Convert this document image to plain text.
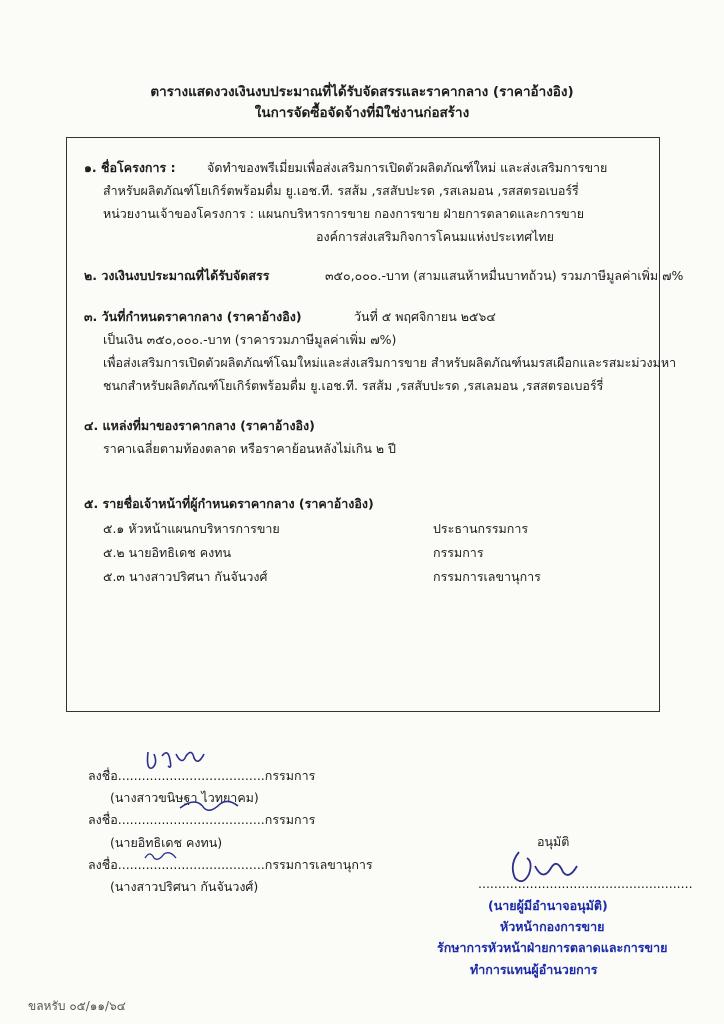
ตารางแสดงวงเงินงบประมาณที่ได้รับจัดสรรและราคากลาง (ราคาอ้างอิง)
ในการจัดซื้อจัดจ้างที่มิใช่งานก่อสร้าง
๑. ชื่อโครงการ :	จัดทำของพรีเมี่ยมเพื่อส่งเสริมการเปิดตัวผลิตภัณฑ์ใหม่ และส่งเสริมการขาย
สำหรับผลิตภัณฑ์โยเกิร์ตพร้อมดื่ม ยู.เอช.ที. รสส้ม ,รสสับปะรด ,รสเลมอน ,รสสตรอเบอร์รี่
หน่วยงานเจ้าของโครงการ : แผนกบริหารการขาย กองการขาย ฝ่ายการตลาดและการขาย
องค์การส่งเสริมกิจการโคนมแห่งประเทศไทย
๒. วงเงินงบประมาณที่ได้รับจัดสรร	๓๕๐,๐๐๐.-บาท (สามแสนห้าหมื่นบาทถ้วน) รวมภาษีมูลค่าเพิ่ม ๗%
๓. วันที่กำหนดราคากลาง (ราคาอ้างอิง)	วันที่ ๕ พฤศจิกายน ๒๕๖๔
เป็นเงิน ๓๕๐,๐๐๐.-บาท (ราคารวมภาษีมูลค่าเพิ่ม ๗%)
เพื่อส่งเสริมการเปิดตัวผลิตภัณฑ์โฉมใหม่และส่งเสริมการขาย สำหรับผลิตภัณฑ์นมรสเผือกและรสมะม่วงมหา
ชนกสำหรับผลิตภัณฑ์โยเกิร์ตพร้อมดื่ม ยู.เอช.ที. รสส้ม ,รสสับปะรด ,รสเลมอน ,รสสตรอเบอร์รี่
๔. แหล่งที่มาของราคากลาง (ราคาอ้างอิง)
ราคาเฉลี่ยตามท้องตลาด หรือราคาย้อนหลังไม่เกิน ๒ ปี
๕. รายชื่อเจ้าหน้าที่ผู้กำหนดราคากลาง (ราคาอ้างอิง)
๕.๑ หัวหน้าแผนกบริหารการขาย	ประธานกรรมการ
๕.๒ นายอิทธิเดช คงทน	กรรมการ
๕.๓ นางสาวปริศนา กันจันวงศ์	กรรมการเลขานุการ
ลงชื่อ.....................................กรรมการ
(นางสาวขนิษฐา ไวทยาคม)
ลงชื่อ.....................................กรรมการ
(นายอิทธิเดช คงทน)
ลงชื่อ.....................................กรรมการเลขานุการ
(นางสาวปริศนา กันจันวงศ์)
อนุมัติ
......................................................
(นายผู้มีอำนาจอนุมัติ)
หัวหน้ากองการขาย
รักษาการหัวหน้าฝ่ายการตลาดและการขาย
ทำการแทนผู้อำนวยการ
ขลหรับ ๐๕/๑๑/๖๔
